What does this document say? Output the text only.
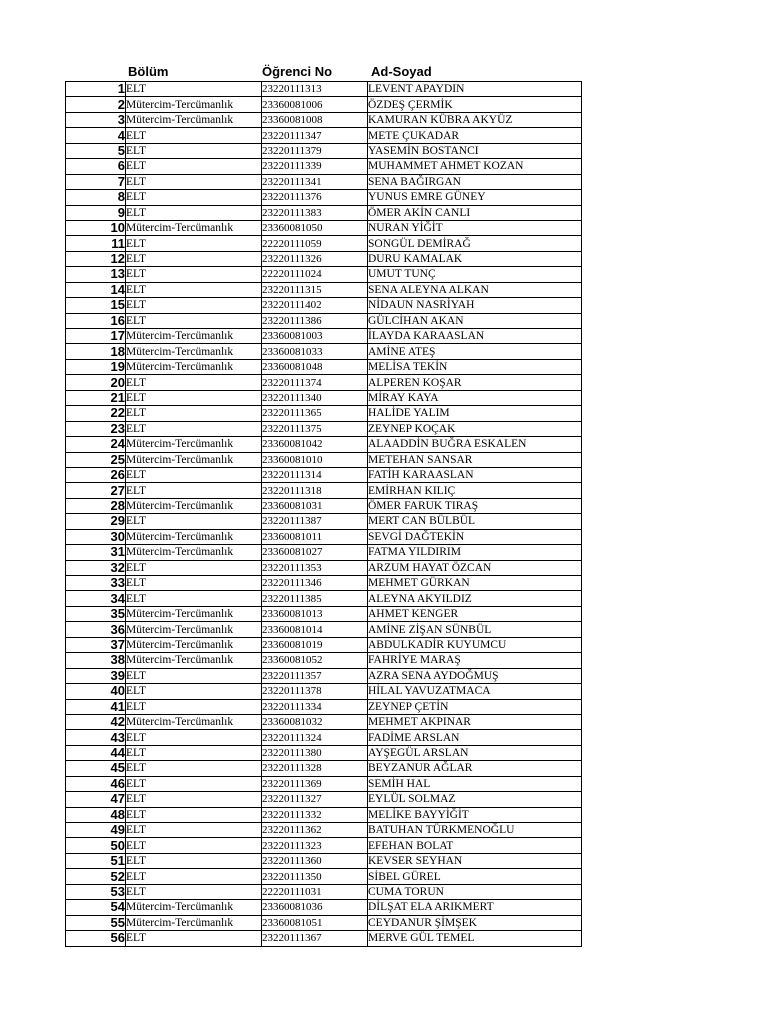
Bölüm	Öğrenci No	Ad-Soyad
1	ELT	23220111313	LEVENT APAYDIN
2	Mütercim-Tercümanlık	23360081006	ÖZDEŞ ÇERMİK
3	Mütercim-Tercümanlık	23360081008	KAMURAN KÜBRA AKYÜZ
4	ELT	23220111347	METE ÇUKADAR
5	ELT	23220111379	YASEMİN BOSTANCI
6	ELT	23220111339	MUHAMMET AHMET KOZAN
7	ELT	23220111341	SENA BAĞIRGAN
8	ELT	23220111376	YUNUS EMRE GÜNEY
9	ELT	23220111383	ÖMER AKİN CANLI
10	Mütercim-Tercümanlık	23360081050	NURAN YİĞİT
11	ELT	22220111059	SONGÜL DEMİRAĞ
12	ELT	23220111326	DURU KAMALAK
13	ELT	22220111024	UMUT TUNÇ
14	ELT	23220111315	SENA ALEYNA ALKAN
15	ELT	23220111402	NİDAUN NASRİYAH
16	ELT	23220111386	GÜLCİHAN AKAN
17	Mütercim-Tercümanlık	23360081003	İLAYDA KARAASLAN
18	Mütercim-Tercümanlık	23360081033	AMİNE ATEŞ
19	Mütercim-Tercümanlık	23360081048	MELİSA TEKİN
20	ELT	23220111374	ALPEREN KOŞAR
21	ELT	23220111340	MİRAY KAYA
22	ELT	23220111365	HALİDE YALIM
23	ELT	23220111375	ZEYNEP KOÇAK
24	Mütercim-Tercümanlık	23360081042	ALAADDİN BUĞRA ESKALEN
25	Mütercim-Tercümanlık	23360081010	METEHAN SANSAR
26	ELT	23220111314	FATİH KARAASLAN
27	ELT	23220111318	EMİRHAN KILIÇ
28	Mütercim-Tercümanlık	23360081031	ÖMER FARUK TIRAŞ
29	ELT	23220111387	MERT CAN BÜLBÜL
30	Mütercim-Tercümanlık	23360081011	SEVGİ DAĞTEKİN
31	Mütercim-Tercümanlık	23360081027	FATMA YILDIRIM
32	ELT	23220111353	ARZUM HAYAT ÖZCAN
33	ELT	23220111346	MEHMET GÜRKAN
34	ELT	23220111385	ALEYNA AKYILDIZ
35	Mütercim-Tercümanlık	23360081013	AHMET KENGER
36	Mütercim-Tercümanlık	23360081014	AMİNE ZİŞAN SÜNBÜL
37	Mütercim-Tercümanlık	23360081019	ABDULKADİR KUYUMCU
38	Mütercim-Tercümanlık	23360081052	FAHRİYE MARAŞ
39	ELT	23220111357	AZRA SENA AYDOĞMUŞ
40	ELT	23220111378	HİLAL YAVUZATMACA
41	ELT	23220111334	ZEYNEP ÇETİN
42	Mütercim-Tercümanlık	23360081032	MEHMET AKPINAR
43	ELT	23220111324	FADİME ARSLAN
44	ELT	23220111380	AYŞEGÜL ARSLAN
45	ELT	23220111328	BEYZANUR AĞLAR
46	ELT	23220111369	SEMİH HAL
47	ELT	23220111327	EYLÜL SOLMAZ
48	ELT	23220111332	MELİKE BAYYİĞİT
49	ELT	23220111362	BATUHAN TÜRKMENOĞLU
50	ELT	23220111323	EFEHAN BOLAT
51	ELT	23220111360	KEVSER SEYHAN
52	ELT	23220111350	SİBEL GÜREL
53	ELT	22220111031	CUMA TORUN
54	Mütercim-Tercümanlık	23360081036	DİLŞAT ELA ARIKMERT
55	Mütercim-Tercümanlık	23360081051	CEYDANUR ŞİMŞEK
56	ELT	23220111367	MERVE GÜL TEMEL
